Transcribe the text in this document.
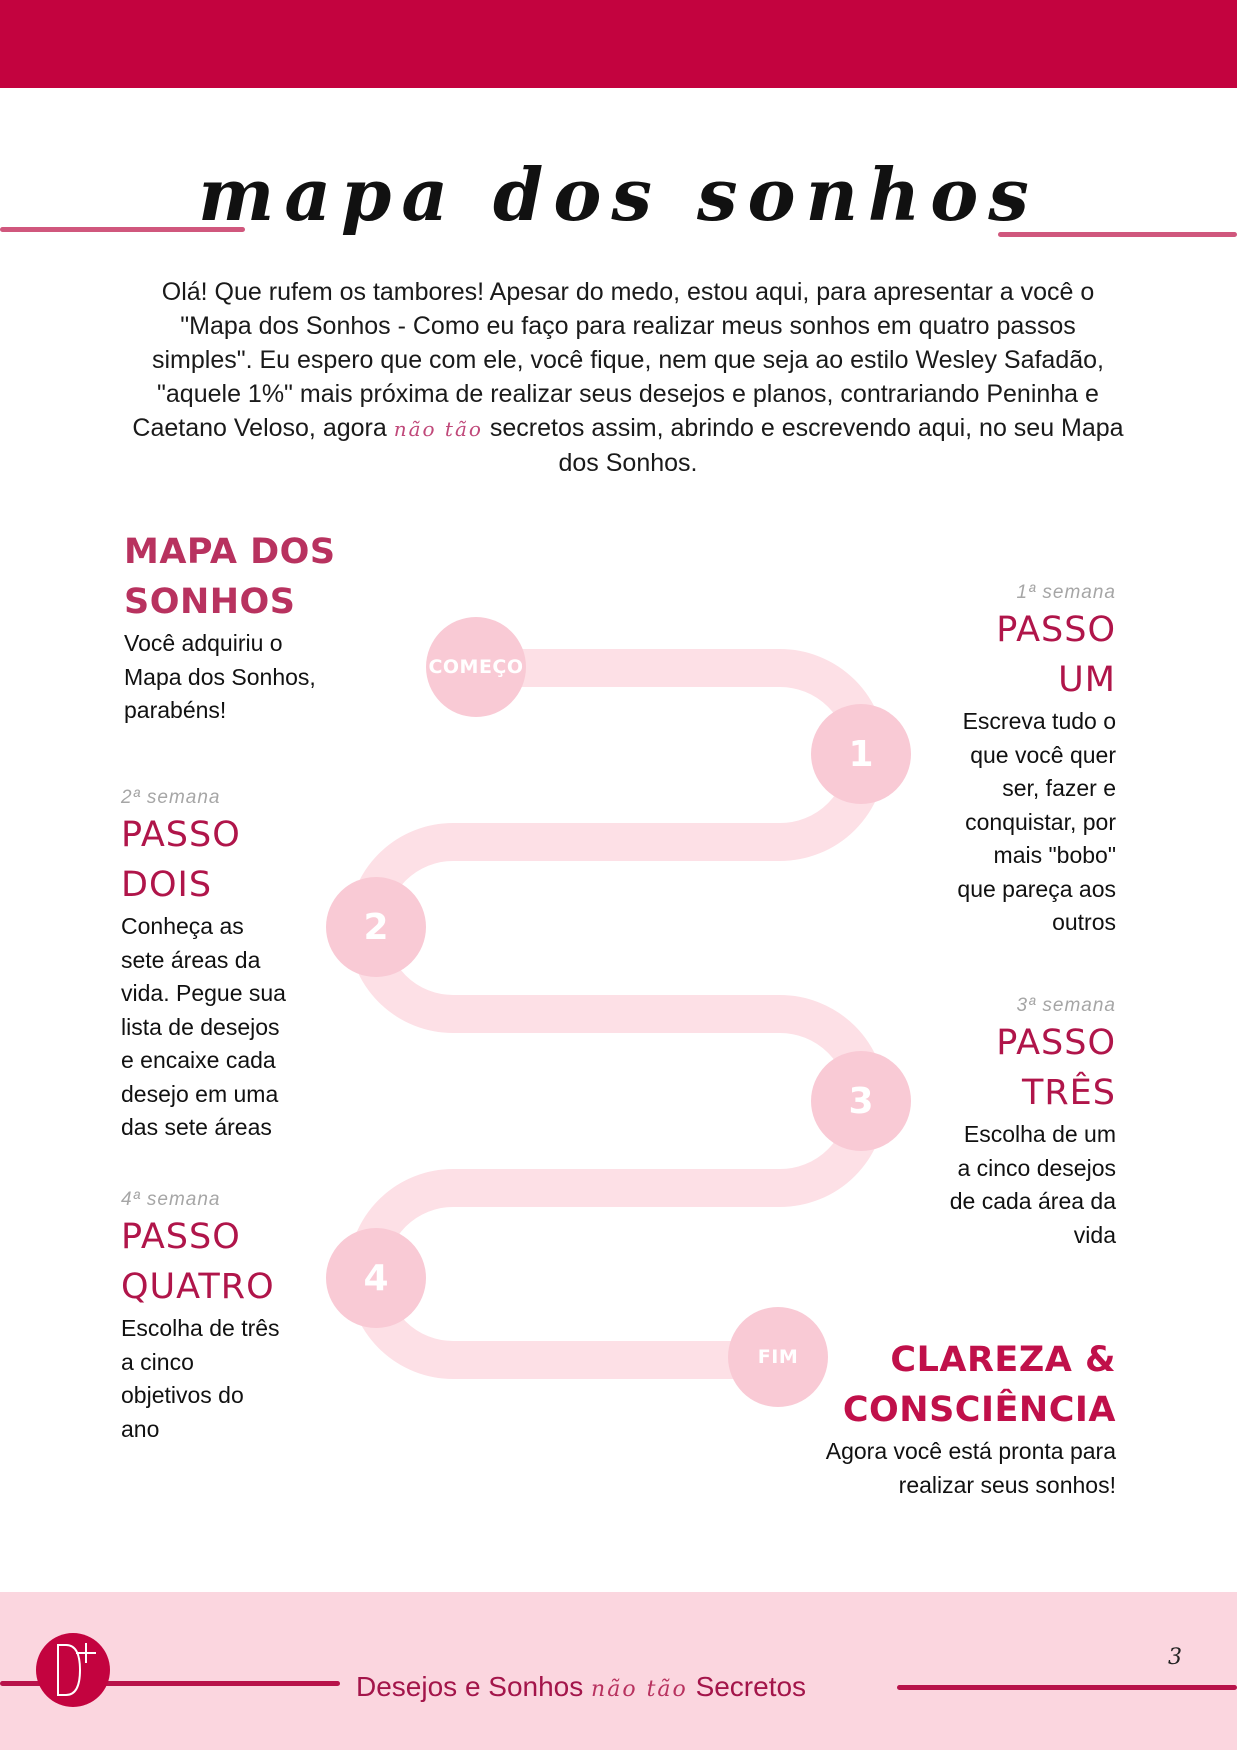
mapa dos sonhos

Olá! Que rufem os tambores! Apesar do medo, estou aqui, para apresentar a você o "Mapa dos Sonhos - Como eu faço para realizar meus sonhos em quatro passos simples". Eu espero que com ele, você fique, nem que seja ao estilo Wesley Safadão, "aquele 1%" mais próxima de realizar seus desejos e planos, contrariando Peninha e Caetano Veloso, agora não tão secretos assim, abrindo e escrevendo aqui, no seu Mapa dos Sonhos.

COMEÇO
1
2
3
4
FIM
MAPA DOS
SONHOS
Você adquiriu o
Mapa dos Sonhos,
parabéns!
1ª semana
PASSO
UM
Escreva tudo o
que você quer
ser, fazer e
conquistar, por
mais "bobo"
que pareça aos
outros
2ª semana
PASSO
DOIS
Conheça as
sete áreas da
vida. Pegue sua
lista de desejos
e encaixe cada
desejo em uma
das sete áreas
3ª semana
PASSO
TRÊS
Escolha de um
a cinco desejos
de cada área da
vida
4ª semana
PASSO
QUATRO
Escolha de três
a cinco
objetivos do
ano
CLAREZA &
CONSCIÊNCIA
Agora você está pronta para
realizar seus sonhos!
Desejos e Sonhos não tão Secretos
3
